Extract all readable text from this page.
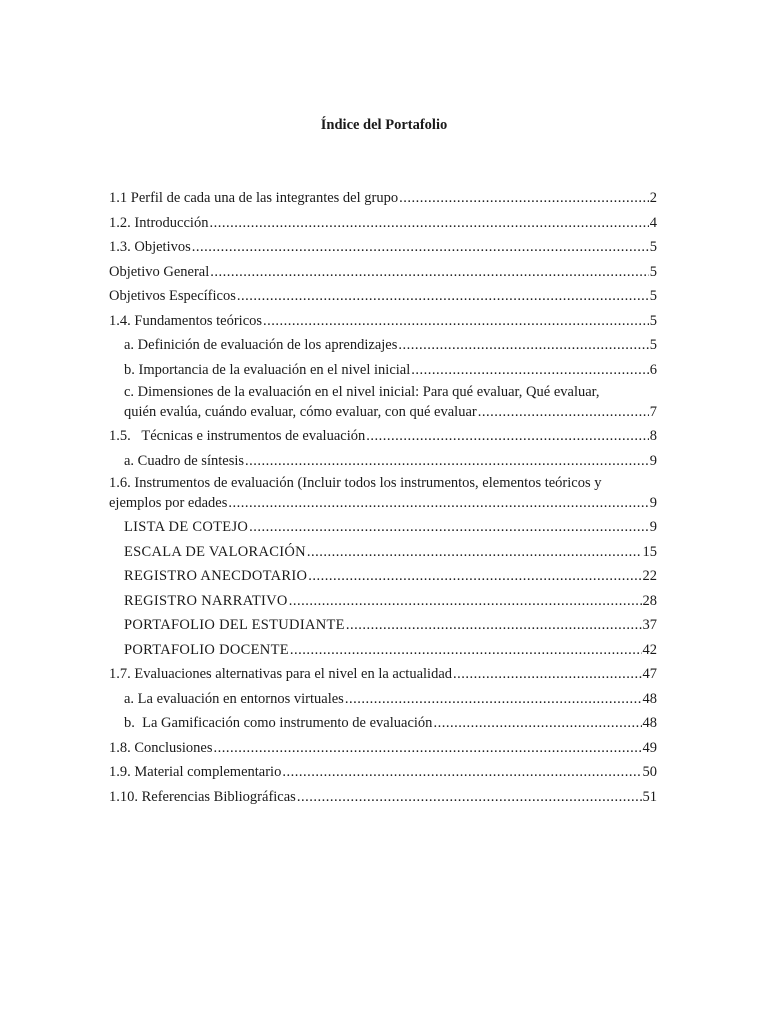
Índice del Portafolio
1.1 Perfil de cada una de las integrantes del grupo .....	2
1.2. Introducción .....	4
1.3. Objetivos .....	5
Objetivo General .....	5
Objetivos Específicos .....	5
1.4. Fundamentos teóricos .....	5
a. Definición de evaluación de los aprendizajes .....	5
b. Importancia de la evaluación en el nivel inicial .....	6
c. Dimensiones de la evaluación en el nivel inicial: Para qué evaluar, Qué evaluar,
quién evalúa, cuándo evaluar, cómo evaluar, con qué evaluar .....	7
1.5.   Técnicas e instrumentos de evaluación .....	8
a. Cuadro de síntesis .....	9
1.6. Instrumentos de evaluación (Incluir todos los instrumentos, elementos teóricos y
ejemplos por edades .....	9
LISTA DE COTEJO .....	9
ESCALA DE VALORACIÓN .....	15
REGISTRO ANECDOTARIO .....	22
REGISTRO NARRATIVO .....	28
PORTAFOLIO DEL ESTUDIANTE .....	37
PORTAFOLIO DOCENTE .....	42
1.7. Evaluaciones alternativas para el nivel en la actualidad .....	47
a. La evaluación en entornos virtuales .....	48
b.  La Gamificación como instrumento de evaluación .....	48
1.8. Conclusiones .....	49
1.9. Material complementario .....	50
1.10. Referencias Bibliográficas .....	51
